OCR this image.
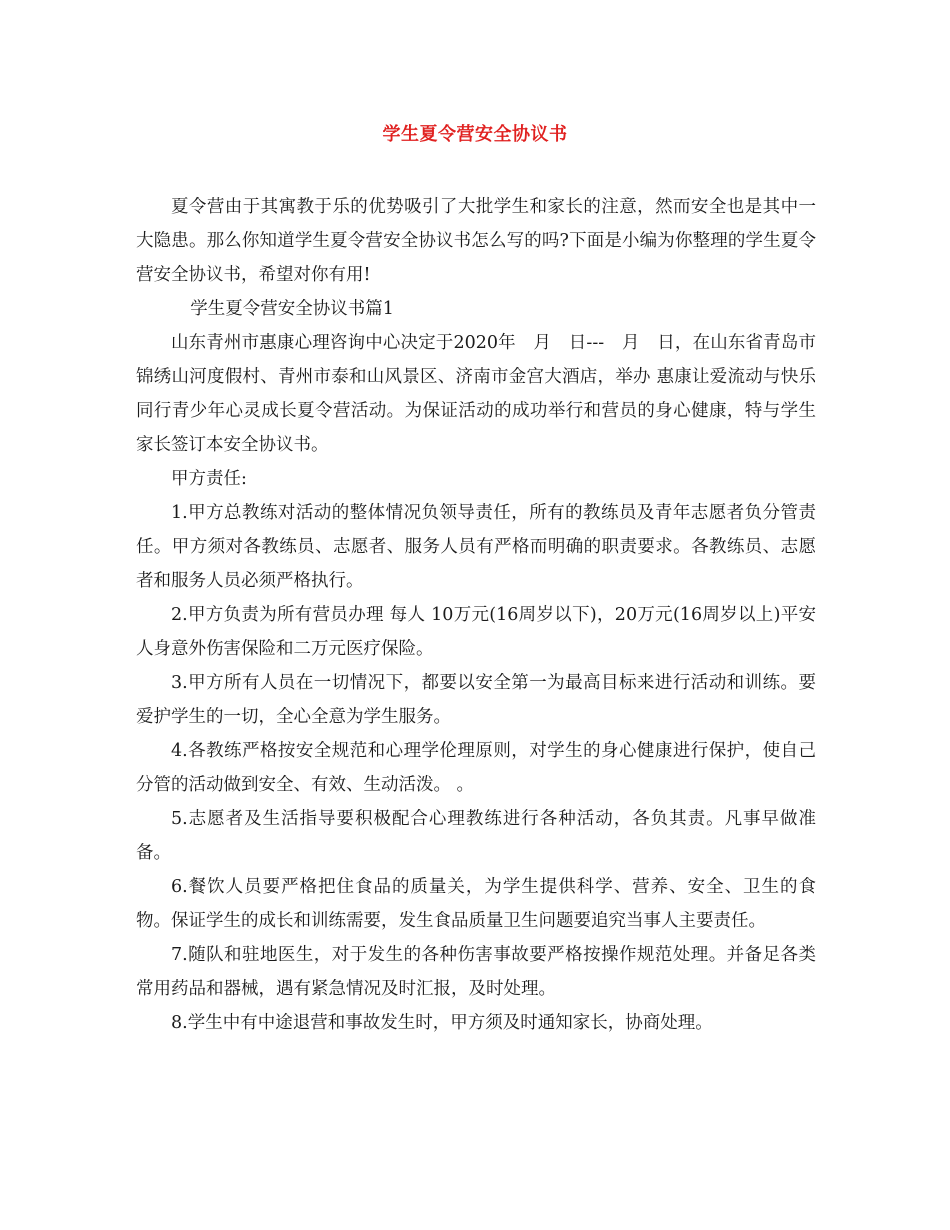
学生夏令营安全协议书

夏令营由于其寓教于乐的优势吸引了大批学生和家长的注意，然而安全也是其中一大隐患。那么你知道学生夏令营安全协议书怎么写的吗?下面是小编为你整理的学生夏令营安全协议书，希望对你有用!

学生夏令营安全协议书篇1

山东青州市惠康心理咨询中心决定于2020年　月　日---　月　日，在山东省青岛市锦绣山河度假村、青州市泰和山风景区、济南市金宫大酒店，举办 惠康让爱流动与快乐同行青少年心灵成长夏令营活动。为保证活动的成功举行和营员的身心健康，特与学生家长签订本安全协议书。

甲方责任:

1.甲方总教练对活动的整体情况负领导责任，所有的教练员及青年志愿者负分管责任。甲方须对各教练员、志愿者、服务人员有严格而明确的职责要求。各教练员、志愿者和服务人员必须严格执行。

2.甲方负责为所有营员办理 每人 10万元(16周岁以下)，20万元(16周岁以上)平安人身意外伤害保险和二万元医疗保险。

3.甲方所有人员在一切情况下，都要以安全第一为最高目标来进行活动和训练。要爱护学生的一切，全心全意为学生服务。

4.各教练严格按安全规范和心理学伦理原则，对学生的身心健康进行保护，使自己分管的活动做到安全、有效、生动活泼。 。

5.志愿者及生活指导要积极配合心理教练进行各种活动，各负其责。凡事早做准备。

6.餐饮人员要严格把住食品的质量关，为学生提供科学、营养、安全、卫生的食物。保证学生的成长和训练需要，发生食品质量卫生问题要追究当事人主要责任。

7.随队和驻地医生，对于发生的各种伤害事故要严格按操作规范处理。并备足各类常用药品和器械，遇有紧急情况及时汇报，及时处理。

8.学生中有中途退营和事故发生时，甲方须及时通知家长，协商处理。
